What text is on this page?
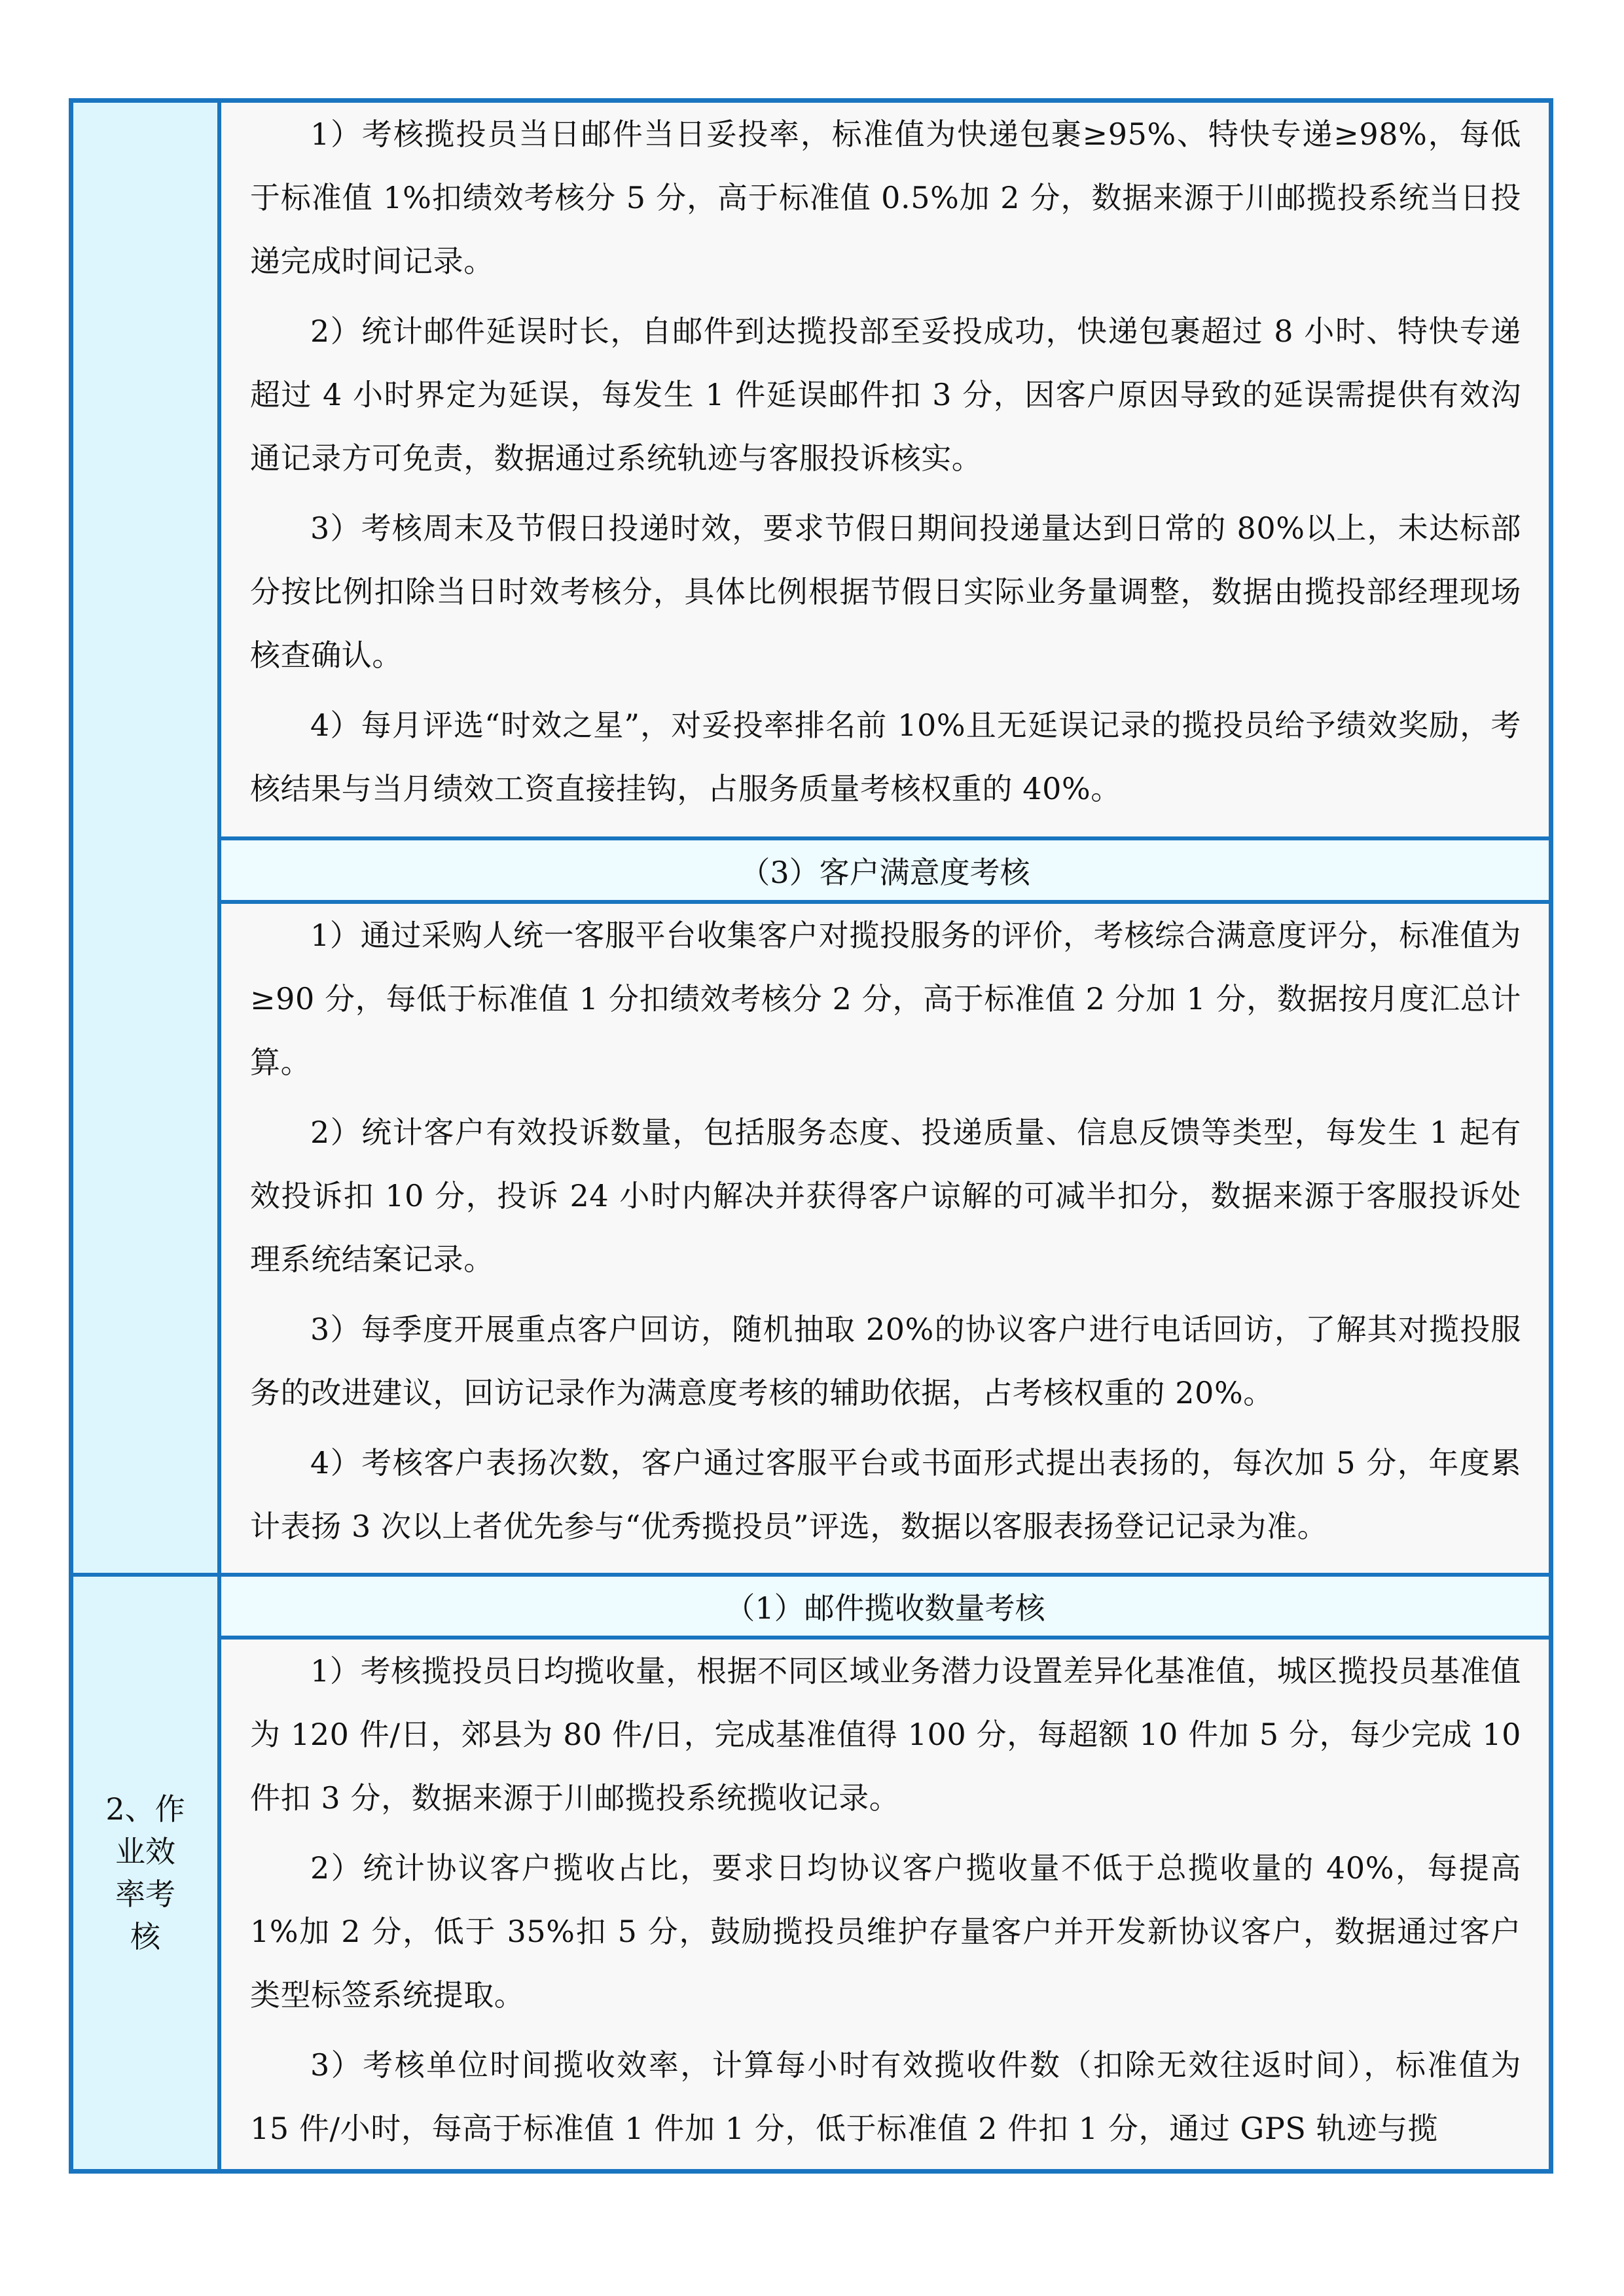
1）考核揽投员当日邮件当日妥投率，标准值为快递包裹≥95%、特快专递≥98%，每低于标准值 1%扣绩效考核分 5 分，高于标准值 0.5%加 2 分，数据来源于川邮揽投系统当日投递完成时间记录。

2）统计邮件延误时长，自邮件到达揽投部至妥投成功，快递包裹超过 8 小时、特快专递超过 4 小时界定为延误，每发生 1 件延误邮件扣 3 分，因客户原因导致的延误需提供有效沟通记录方可免责，数据通过系统轨迹与客服投诉核实。

3）考核周末及节假日投递时效，要求节假日期间投递量达到日常的 80%以上，未达标部分按比例扣除当日时效考核分，具体比例根据节假日实际业务量调整，数据由揽投部经理现场核查确认。

4）每月评选“时效之星”，对妥投率排名前 10%且无延误记录的揽投员给予绩效奖励，考核结果与当月绩效工资直接挂钩，占服务质量考核权重的 40%。

（3）客户满意度考核

1）通过采购人统一客服平台收集客户对揽投服务的评价，考核综合满意度评分，标准值为≥90 分，每低于标准值 1 分扣绩效考核分 2 分，高于标准值 2 分加 1 分，数据按月度汇总计算。

2）统计客户有效投诉数量，包括服务态度、投递质量、信息反馈等类型，每发生 1 起有效投诉扣 10 分，投诉 24 小时内解决并获得客户谅解的可减半扣分，数据来源于客服投诉处理系统结案记录。

3）每季度开展重点客户回访，随机抽取 20%的协议客户进行电话回访，了解其对揽投服务的改进建议，回访记录作为满意度考核的辅助依据，占考核权重的 20%。

4）考核客户表扬次数，客户通过客服平台或书面形式提出表扬的，每次加 5 分，年度累计表扬 3 次以上者优先参与“优秀揽投员”评选，数据以客服表扬登记记录为准。

2、作业效率考核
（1）邮件揽收数量考核

1）考核揽投员日均揽收量，根据不同区域业务潜力设置差异化基准值，城区揽投员基准值为 120 件/日，郊县为 80 件/日，完成基准值得 100 分，每超额 10 件加 5 分，每少完成 10 件扣 3 分，数据来源于川邮揽投系统揽收记录。

2）统计协议客户揽收占比，要求日均协议客户揽收量不低于总揽收量的 40%，每提高 1%加 2 分，低于 35%扣 5 分，鼓励揽投员维护存量客户并开发新协议客户，数据通过客户类型标签系统提取。

3）考核单位时间揽收效率，计算每小时有效揽收件数（扣除无效往返时间），标准值为 15 件/小时，每高于标准值 1 件加 1 分，低于标准值 2 件扣 1 分，通过 GPS 轨迹与揽
